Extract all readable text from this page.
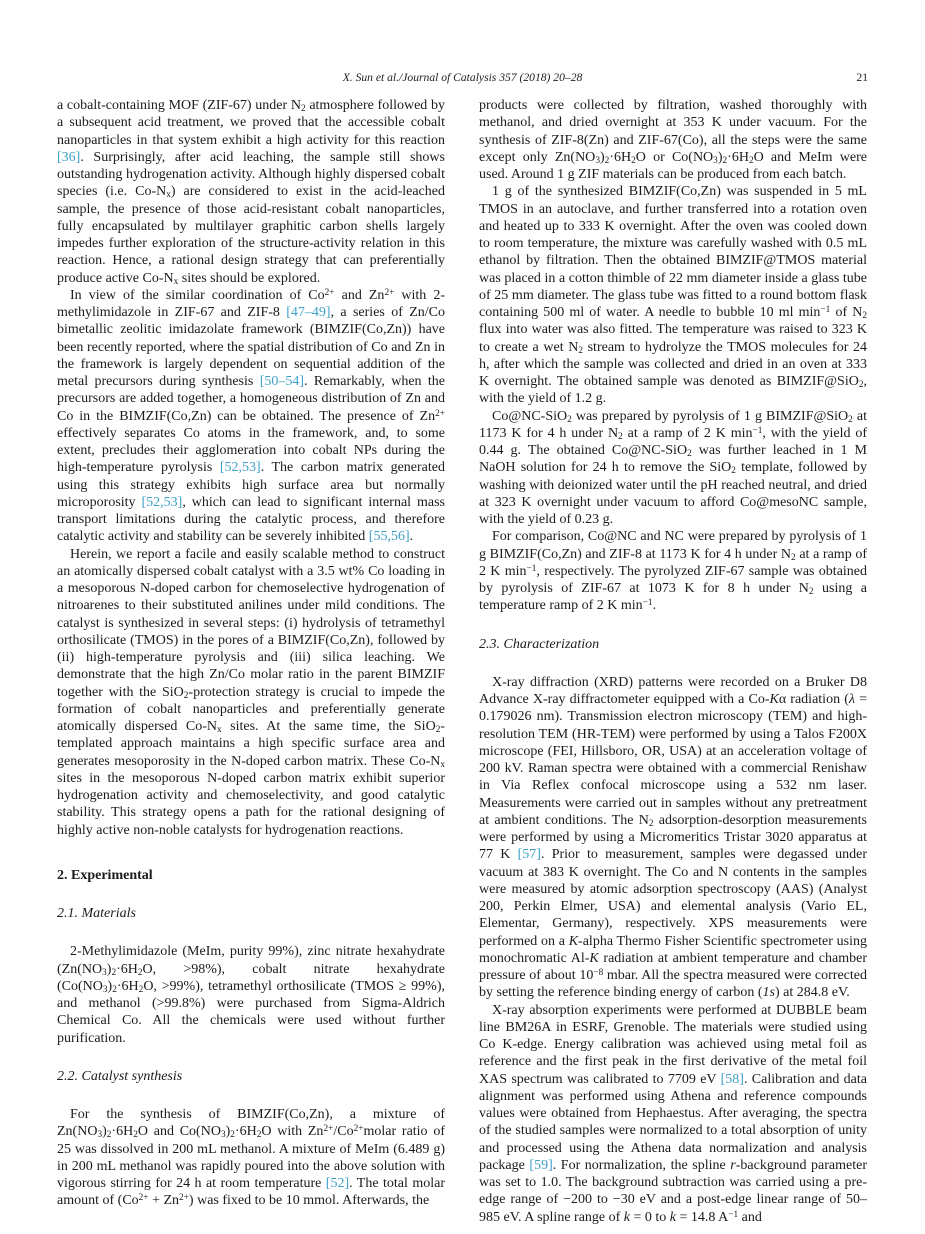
X. Sun et al./Journal of Catalysis 357 (2018) 20–28	21

a cobalt-containing MOF (ZIF-67) under $N_2$ atmosphere followed by a subsequent acid treatment, we proved that the accessible cobalt nanoparticles in that system exhibit a high activity for this reaction [36]. Surprisingly, after acid leaching, the sample still shows outstanding hydrogenation activity. Although highly dispersed cobalt species (i.e. $Co-N_x$) are considered to exist in the acid-leached sample, the presence of those acid-resistant cobalt nanoparticles, fully encapsulated by multilayer graphitic carbon shells largely impedes further exploration of the structure-activity relation in this reaction. Hence, a rational design strategy that can preferentially produce active $Co-N_x$ sites should be explored.

In view of the similar coordination of $Co^{2+}$ and $Zn^{2+}$ with 2-methylimidazole in ZIF-67 and ZIF-8 [47–49], a series of Zn/Co bimetallic zeolitic imidazolate framework (BIMZIF(Co,Zn)) have been recently reported, where the spatial distribution of Co and Zn in the framework is largely dependent on sequential addition of the metal precursors during synthesis [50–54]. Remarkably, when the precursors are added together, a homogeneous distribution of Zn and Co in the BIMZIF(Co,Zn) can be obtained. The presence of $Zn^{2+}$ effectively separates Co atoms in the framework, and, to some extent, precludes their agglomeration into cobalt NPs during the high-temperature pyrolysis [52,53]. The carbon matrix generated using this strategy exhibits high surface area but normally microporosity [52,53], which can lead to significant internal mass transport limitations during the catalytic process, and therefore catalytic activity and stability can be severely inhibited [55,56].

Herein, we report a facile and easily scalable method to construct an atomically dispersed cobalt catalyst with a 3.5 wt% Co loading in a mesoporous N-doped carbon for chemoselective hydrogenation of nitroarenes to their substituted anilines under mild conditions. The catalyst is synthesized in several steps: (i) hydrolysis of tetramethyl orthosilicate (TMOS) in the pores of a BIMZIF(Co,Zn), followed by (ii) high-temperature pyrolysis and (iii) silica leaching. We demonstrate that the high Zn/Co molar ratio in the parent BIMZIF together with the SiO$_2$-protection strategy is crucial to impede the formation of cobalt nanoparticles and preferentially generate atomically dispersed $Co-N_x$ sites. At the same time, the SiO$_2$-templated approach maintains a high specific surface area and generates mesoporosity in the N-doped carbon matrix. These $Co-N_x$ sites in the mesoporous N-doped carbon matrix exhibit superior hydrogenation activity and chemoselectivity, and good catalytic stability. This strategy opens a path for the rational designing of highly active non-noble catalysts for hydrogenation reactions.

2. Experimental
2.1. Materials

2-Methylimidazole (MeIm, purity 99%), zinc nitrate hexahydrate ($Zn(NO_3)_2\cdot 6H_2O$, >98%), cobalt nitrate hexahydrate ($Co(NO_3)_2\cdot 6H_2O$, >99%), tetramethyl orthosilicate (TMOS ≥ 99%), and methanol (>99.8%) were purchased from Sigma-Aldrich Chemical Co. All the chemicals were used without further purification.

2.2. Catalyst synthesis

For the synthesis of BIMZIF(Co,Zn), a mixture of $Zn(NO_3)_2\cdot 6H_2O$ and $Co(NO_3)_2\cdot 6H_2O$ with $Zn^{2+}/Co^{2+}molar$ ratio of 25 was dissolved in 200 mL methanol. A mixture of MeIm (6.489 g) in 200 mL methanol was rapidly poured into the above solution with vigorous stirring for 24 h at room temperature [52]. The total molar amount of $(Co^{2+} + Zn^{2+})$ was fixed to be 10 mmol. Afterwards, the

products were collected by filtration, washed thoroughly with methanol, and dried overnight at 353 K under vacuum. For the synthesis of ZIF-8(Zn) and ZIF-67(Co), all the steps were the same except only $Zn(NO_3)_2\cdot 6H_2O$ or $Co(NO_3)_2\cdot 6H_2O$ and MeIm were used. Around 1 g ZIF materials can be produced from each batch.

1 g of the synthesized BIMZIF(Co,Zn) was suspended in 5 mL TMOS in an autoclave, and further transferred into a rotation oven and heated up to 333 K overnight. After the oven was cooled down to room temperature, the mixture was carefully washed with 0.5 mL ethanol by filtration. Then the obtained BIMZIF@TMOS material was placed in a cotton thimble of 22 mm diameter inside a glass tube of 25 mm diameter. The glass tube was fitted to a round bottom flask containing 500 ml of water. A needle to bubble 10 ml $\min^{-1}$ of $N_2$ flux into water was also fitted. The temperature was raised to 323 K to create a wet $N_2$ stream to hydrolyze the TMOS molecules for 24 h, after which the sample was collected and dried in an oven at 333 K overnight. The obtained sample was denoted as BIMZIF@SiO$_2$, with the yield of 1.2 g.

Co@NC-SiO$_2$ was prepared by pyrolysis of 1 g BIMZIF@SiO$_2$ at 1173 K for 4 h under $N_2$ at a ramp of 2 K $\min^{-1}$, with the yield of 0.44 g. The obtained Co@NC-SiO$_2$ was further leached in 1 M NaOH solution for 24 h to remove the SiO$_2$ template, followed by washing with deionized water until the pH reached neutral, and dried at 323 K overnight under vacuum to afford Co@mesoNC sample, with the yield of 0.23 g.

For comparison, Co@NC and NC were prepared by pyrolysis of 1 g BIMZIF(Co,Zn) and ZIF-8 at 1173 K for 4 h under $N_2$ at a ramp of 2 K $\min^{-1}$, respectively. The pyrolyzed ZIF-67 sample was obtained by pyrolysis of ZIF-67 at 1073 K for 8 h under $N_2$ using a temperature ramp of 2 K $\min^{-1}$.

2.3. Characterization

X-ray diffraction (XRD) patterns were recorded on a Bruker D8 Advance X-ray diffractometer equipped with a Co-Kα radiation (λ = 0.179026 nm). Transmission electron microscopy (TEM) and high-resolution TEM (HR-TEM) were performed by using a Talos F200X microscope (FEI, Hillsboro, OR, USA) at an acceleration voltage of 200 kV. Raman spectra were obtained with a commercial Renishaw in Via Reflex confocal microscope using a 532 nm laser. Measurements were carried out in samples without any pretreatment at ambient conditions. The $N_2$ adsorption-desorption measurements were performed by using a Micromeritics Tristar 3020 apparatus at 77 K [57]. Prior to measurement, samples were degassed under vacuum at 383 K overnight. The Co and N contents in the samples were measured by atomic adsorption spectroscopy (AAS) (Analyst 200, Perkin Elmer, USA) and elemental analysis (Vario EL, Elementar, Germany), respectively. XPS measurements were performed on a K-alpha Thermo Fisher Scientific spectrometer using monochromatic Al-K radiation at ambient temperature and chamber pressure of about $10^{-8}$ mbar. All the spectra measured were corrected by setting the reference binding energy of carbon (1s) at 284.8 eV.

X-ray absorption experiments were performed at DUBBLE beam line BM26A in ESRF, Grenoble. The materials were studied using Co K-edge. Energy calibration was achieved using metal foil as reference and the first peak in the first derivative of the metal foil XAS spectrum was calibrated to 7709 eV [58]. Calibration and data alignment was performed using Athena and reference compounds values were obtained from Hephaestus. After averaging, the spectra of the studied samples were normalized to a total absorption of unity and processed using the Athena data normalization and analysis package [59]. For normalization, the spline r-background parameter was set to 1.0. The background subtraction was carried using a pre-edge range of −200 to −30 eV and a post-edge linear range of 50–985 eV. A spline range of k = 0 to k = 14.8 $A^{-1}$ and
